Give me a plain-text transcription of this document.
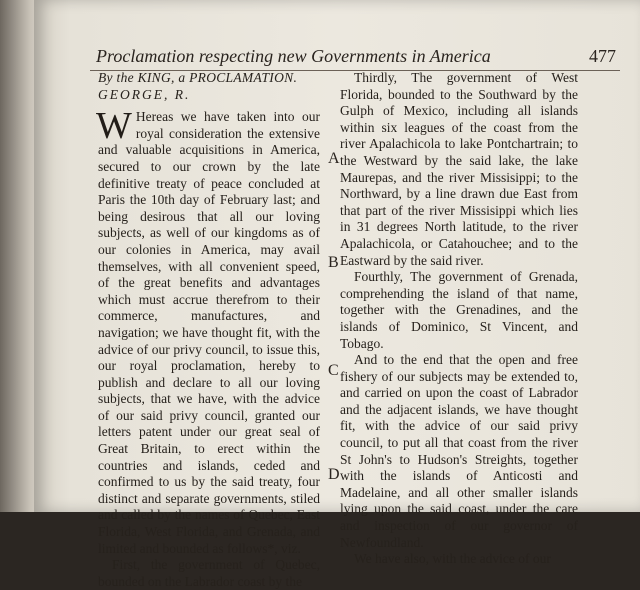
Proclamation respecting new Governments in America	477

By the KING, a PROCLAMATION.

GEORGE, R.

W Hereas we have taken into our royal consideration the extensive and valuable acquisitions in America, secured to our crown by the late definitive treaty of peace concluded at Paris the 10th day of February last; and being desirous that all our loving subjects, as well of our kingdoms as of our colonies in America, may avail themselves, with all convenient speed, of the great benefits and advantages which must accrue therefrom to their commerce, manufactures, and navigation; we have thought fit, with the advice of our privy council, to issue this, our royal proclamation, hereby to publish and declare to all our loving subjects, that we have, with the advice of our said privy council, granted our letters patent under our great seal of Great Britain, to erect within the countries and islands, ceded and confirmed to us by the said treaty, four distinct and separate governments, stiled and called by the names of Quebec, East Florida, West Florida, and Grenada, and limited and bounded as follows*, viz.

First, the government of Quebec, bounded on the Labrador coast by the

Thirdly, The government of West Florida, bounded to the Southward by the Gulph of Mexico, including all islands within six leagues of the coast from the river Apalachicola to lake Pontchartrain; to the Westward by the said lake, the lake Maurepas, and the river Missisippi; to the Northward, by a line drawn due East from that part of the river Missisippi which lies in 31 degrees North latitude, to the river Apalachicola, or Catahouchee; and to the Eastward by the said river.

Fourthly, The government of Grenada, comprehending the island of that name, together with the Grenadines, and the islands of Dominico, St Vincent, and Tobago.

And to the end that the open and free fishery of our subjects may be extended to, and carried on upon the coast of Labrador and the adjacent islands, we have thought fit, with the advice of our said privy council, to put all that coast from the river St John's to Hudson's Streights, together with the islands of Anticosti and Madelaine, and all other smaller islands lying upon the said coast, under the care and inspection of our governor of Newfoundland.

We have also, with the advice of our

A
B
C
D
